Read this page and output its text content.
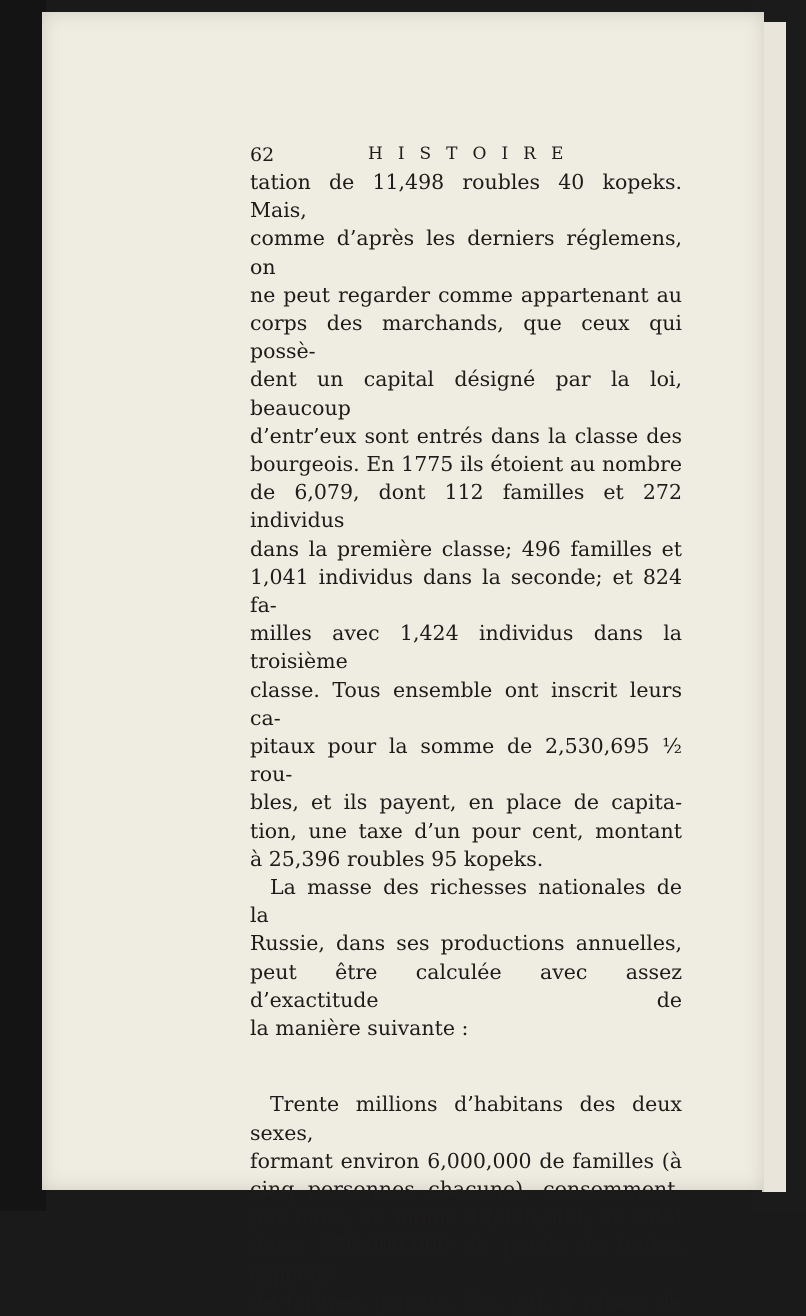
62	HISTOIRE

tation de 11,498 roubles 40 kopeks. Mais,

comme d’après les derniers réglemens, on

ne peut regarder comme appartenant au

corps des marchands, que ceux qui possè-

dent un capital désigné par la loi, beaucoup

d’entr’eux sont entrés dans la classe des

bourgeois. En 1775 ils étoient au nombre

de 6,079, dont 112 familles et 272 individus

dans la première classe; 496 familles et

1,041 individus dans la seconde; et 824 fa-

milles avec 1,424 individus dans la troisième

classe. Tous ensemble ont inscrit leurs ca-

pitaux pour la somme de 2,530,695 ½ rou-

bles, et ils payent, en place de capita-

tion, une taxe d’un pour cent, montant

à 25,396 roubles 95 kopeks.

La masse des richesses nationales de la

Russie, dans ses productions annuelles,

peut être calculée avec assez d’exactitude de

la manière suivante :

Trente millions d’habitans des deux sexes,

formant environ 6,000,000 de familles (à

cinq personnes chacune), consomment,

par mois, au moins 48,000,000; au total

donc, 576,000,000 de pouds de toutes espèces

de farines, gruaux, &c. qui, à raison de
